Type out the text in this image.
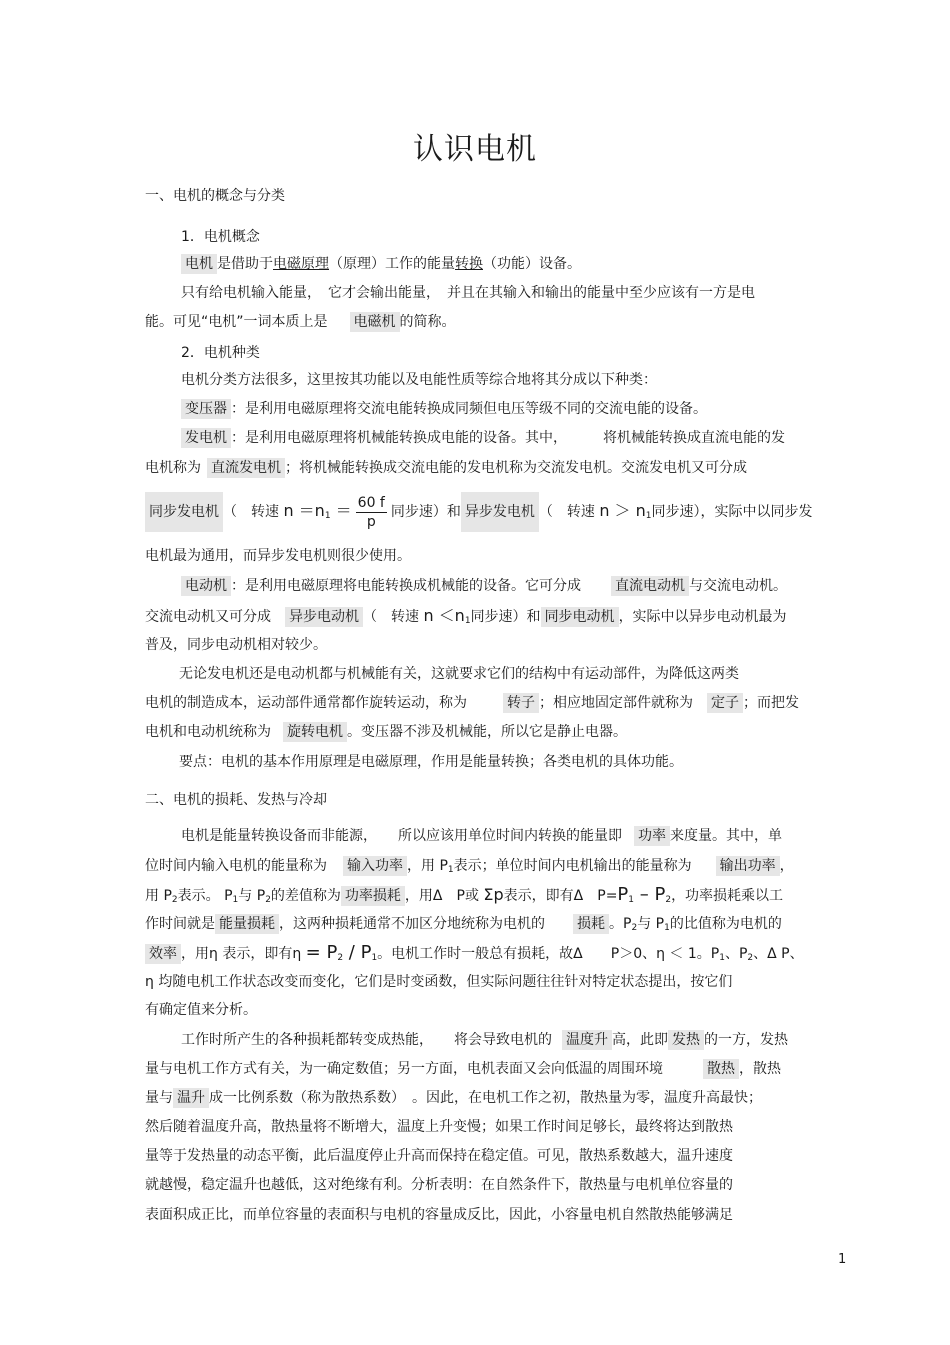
认识电机
一、电机的概念与分类
1．电机概念
电机 是借助于电磁原理（原理）工作的能量转换（功能）设备。
只有给电机输入能量，　它才会输出能量，　并且在其输入和输出的能量中至少应该有一方是电
能。可见“电机”一词本质上是 电磁机 的简称。
2．电机种类
电机分类方法很多，这里按其功能以及电能性质等综合地将其分成以下种类：
变压器 ：是利用电磁原理将交流电能转换成同频但电压等级不同的交流电能的设备。
发电机 ：是利用电磁原理将机械能转换成电能的设备。其中，	将机械能转换成直流电能的发
电机称为 直流发电机 ；将机械能转换成交流电能的发电机称为交流发电机。交流发电机又可分成
同步发电机 （　转速 $n =n_1 = \frac{60 f}{p}$ 同步速）和 异步发电机 （　转速 $n > n_1$同步速），实际中以同步发
电机最为通用，而异步发电机则很少使用。
电动机 ：是利用电磁原理将电能转换成机械能的设备。它可分成 直流电动机 与交流电动机。
交流电动机又可分成 异步电动机 （　转速 $n <n_1$同步速）和 同步电动机 ，实际中以异步电动机最为
普及，同步电动机相对较少。
无论发电机还是电动机都与机械能有关，这就要求它们的结构中有运动部件，为降低这两类
电机的制造成本，运动部件通常都作旋转运动，称为	转子 ；相应地固定部件就称为 定子 ；而把发
电机和电动机统称为 旋转电机 。变压器不涉及机械能，所以它是静止电器。
要点：电机的基本作用原理是电磁原理，作用是能量转换；各类电机的具体功能。
二、电机的损耗、发热与冷却
电机是能量转换设备而非能源，　　所以应该用单位时间内转换的能量即 功率 来度量。其中，单
位时间内输入电机的能量称为 输入功率 ，用 $P_1$表示；单位时间内电机输出的能量称为 输出功率 ，
用 $P_2$表示。 $P_1$与 $P_2$的差值称为 功率损耗 ，用Δ　P或 Σp表示，即有Δ　$P=P_1 - P_2$，功率损耗乘以工
作时间就是 能量损耗 ，这两种损耗通常不加区分地统称为电机的 损耗 。$P_2$与 $P_1$的比值称为电机的
效率 ，用η 表示，即有$\eta = P_2 / P_1$。电机工作时一般总有损耗，故Δ　　P＞0、η ＜ 1。$P_1$、$P_2$、Δ P、
η 均随电机工作状态改变而变化，它们是时变函数，但实际问题往往针对特定状态提出，按它们
有确定值来分析。
工作时所产生的各种损耗都转变成热能，　　将会导致电机的 温度升 高，此即 发热 的一方，发热
量与电机工作方式有关，为一确定数值；另一方面，电机表面又会向低温的周围环境	散热 ，散热
量与 温升 成一比例系数（称为散热系数）　。因此，在电机工作之初，散热量为零，温度升高最快；
然后随着温度升高，散热量将不断增大，温度上升变慢；如果工作时间足够长，最终将达到散热
量等于发热量的动态平衡，此后温度停止升高而保持在稳定值。可见，散热系数越大，温升速度
就越慢，稳定温升也越低，这对绝缘有利。分析表明：在自然条件下，散热量与电机单位容量的
表面积成正比，而单位容量的表面积与电机的容量成反比，因此，小容量电机自然散热能够满足
1
